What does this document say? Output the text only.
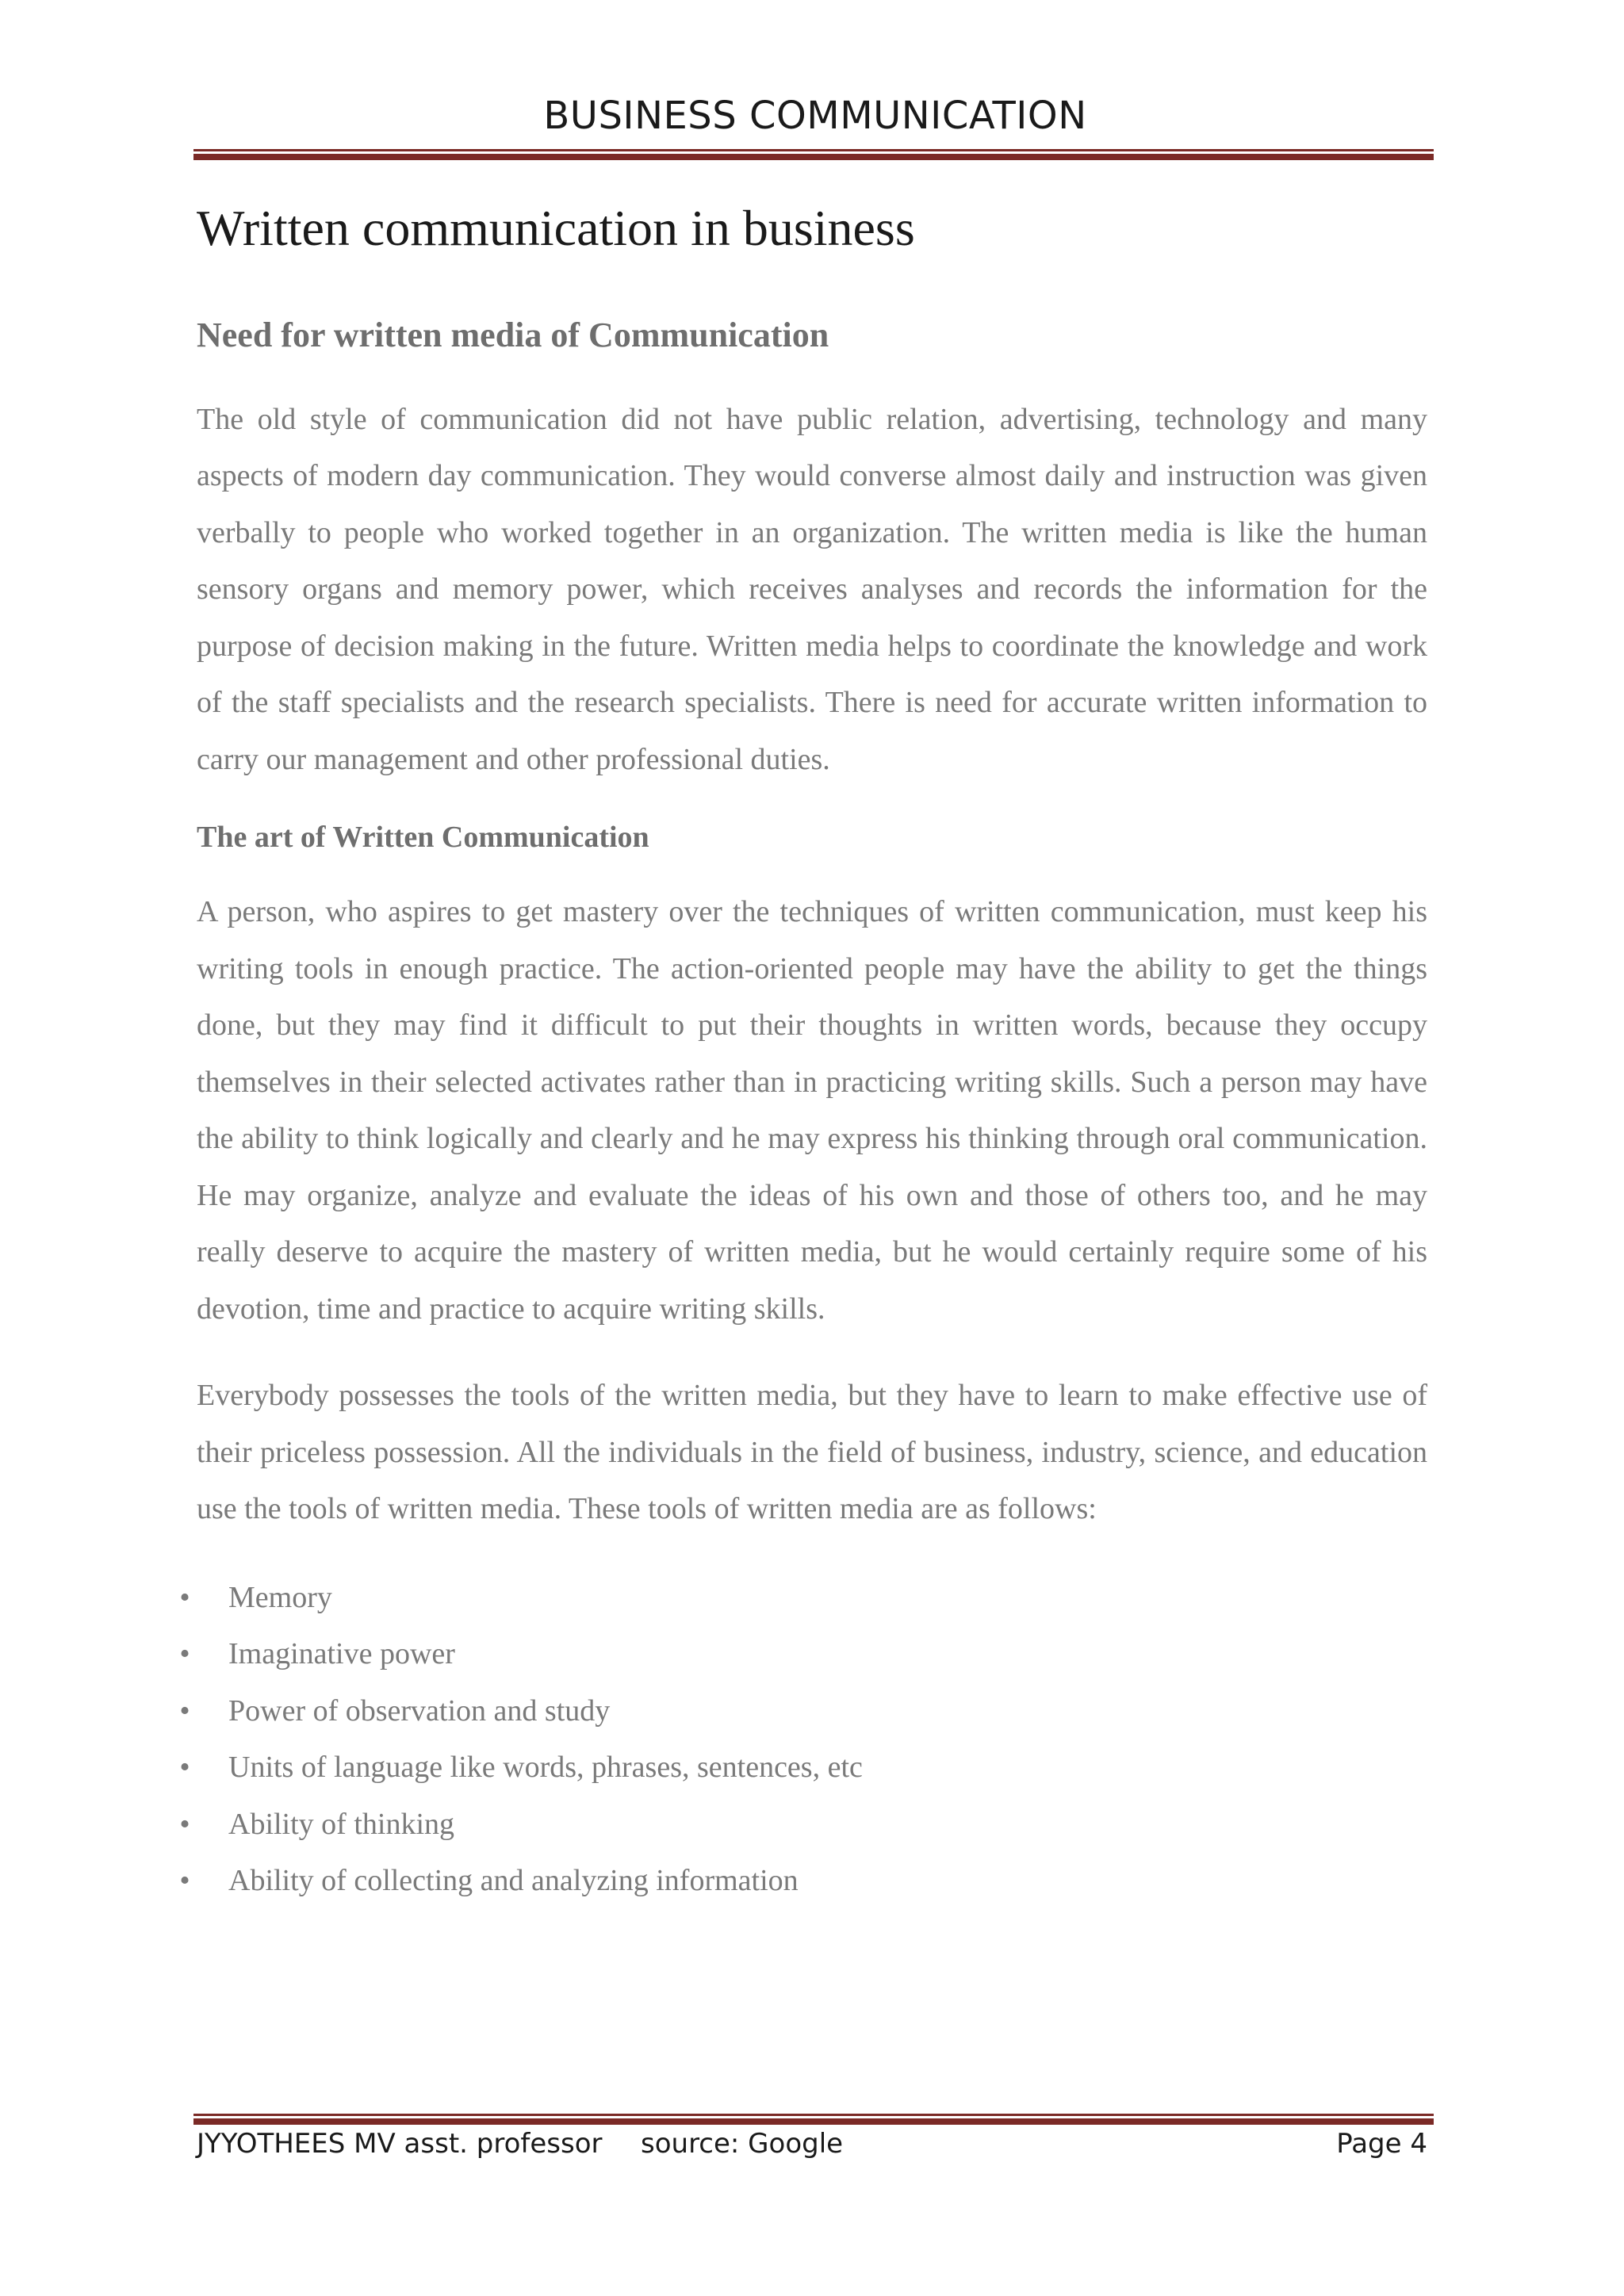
BUSINESS COMMUNICATION
Written communication in business
Need for written media of Communication

The old style of communication did not have public relation, advertising, technology and many aspects of modern day communication. They would converse almost daily and instruction was given verbally to people who worked together in an organization. The written media is like the human sensory organs and memory power, which receives analyses and records the information for the purpose of decision making in the future. Written media helps to coordinate the knowledge and work of the staff specialists and the research specialists. There is need for accurate written information to carry our management and other professional duties.

The art of Written Communication

A person, who aspires to get mastery over the techniques of written communication, must keep his writing tools in enough practice. The action-oriented people may have the ability to get the things done, but they may find it difficult to put their thoughts in written words, because they occupy themselves in their selected activates rather than in practicing writing skills. Such a person may have the ability to think logically and clearly and he may express his thinking through oral communication. He may organize, analyze and evaluate the ideas of his own and those of others too, and he may really deserve to acquire the mastery of written media, but he would certainly require some of his devotion, time and practice to acquire writing skills.

Everybody possesses the tools of the written media, but they have to learn to make effective use of their priceless possession. All the individuals in the field of business, industry, science, and education use the tools of written media. These tools of written media are as follows:

• Memory
• Imaginative power
• Power of observation and study
• Units of language like words, phrases, sentences, etc
• Ability of thinking
• Ability of collecting and analyzing information
JYYOTHEES MV asst. professor source: Google	Page 4
